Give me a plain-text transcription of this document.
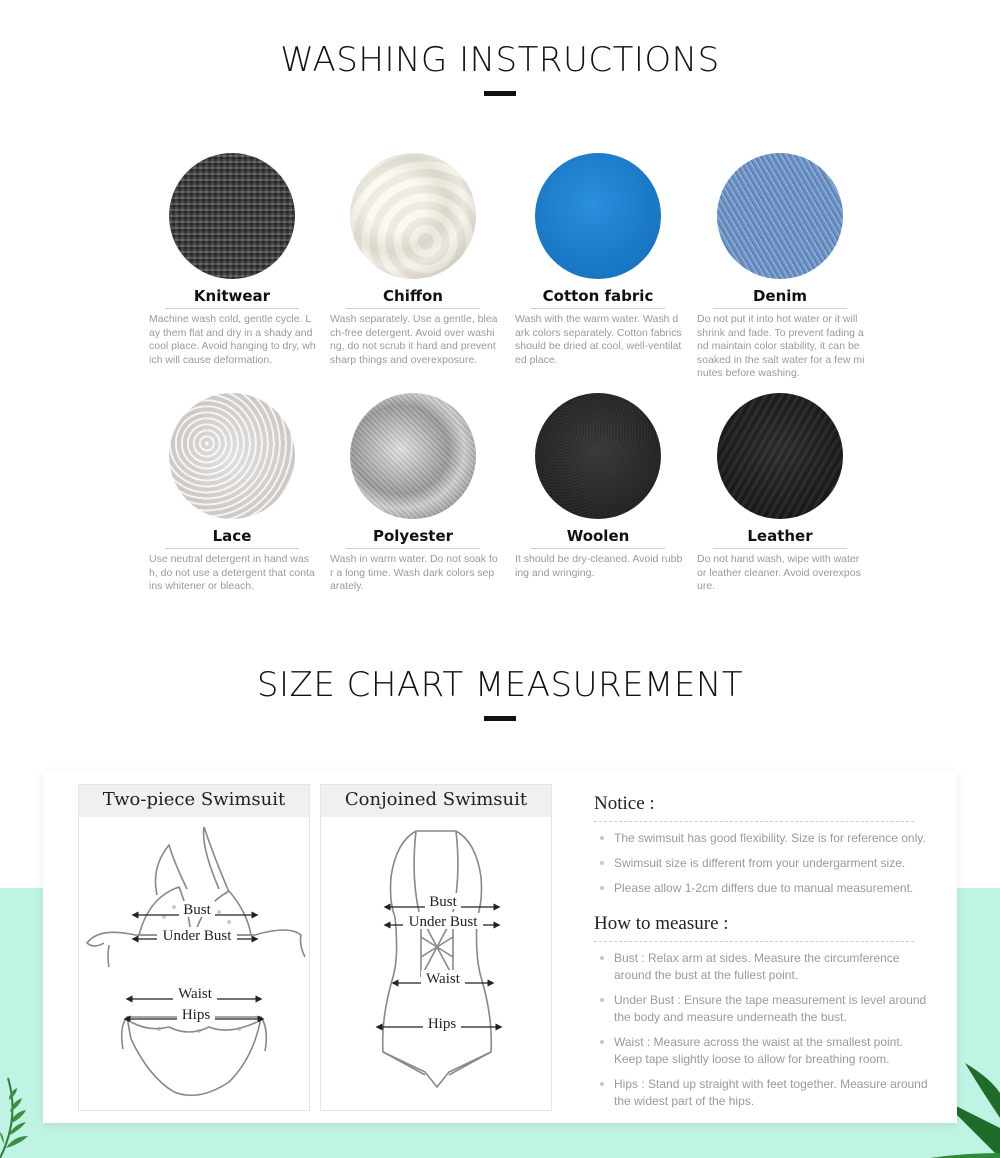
WASHING INSTRUCTIONS
Knitwear
Machine wash cold, gentle cycle. Lay them flat and dry in a shady and cool place. Avoid hanging to dry, which will cause deformation.
Chiffon
Wash separately. Use a gentle, bleach-free detergent. Avoid over washing, do not scrub it hard and prevent sharp things and overexposure.
Cotton fabric
Wash with the warm water. Wash dark colors separately. Cotton fabrics should be dried at cool, well-ventilated place.
Denim
Do not put it into hot water or it will shrink and fade. To prevent fading and maintain color stability, it can be soaked in the salt water for a few minutes before washing.
Lace
Use neutral detergent in hand wash, do not use a detergent that contains whitener or bleach.
Polyester
Wash in warm water. Do not soak for a long time. Wash dark colors separately.
Woolen
It should be dry-cleaned. Avoid rubbing and wringing.
Leather
Do not hand wash, wipe with water or leather cleaner. Avoid overexposure.
SIZE CHART MEASUREMENT
Two-piece Swimsuit
Bust
Under Bust
Waist
Hips
Conjoined Swimsuit
Bust
Under Bust
Waist
Hips
Notice :
The swimsuit has good flexibility. Size is for reference only.
Swimsuit size is different from your undergarment size.
Please allow 1-2cm differs due to manual measurement.
How to measure :
Bust : Relax arm at sides. Measure the circumference around the bust at the fullest point.
Under Bust : Ensure the tape measurement is level around the body and measure underneath the bust.
Waist : Measure across the waist at the smallest point. Keep tape slightly loose to allow for breathing room.
Hips : Stand up straight with feet together. Measure around the widest part of the hips.
